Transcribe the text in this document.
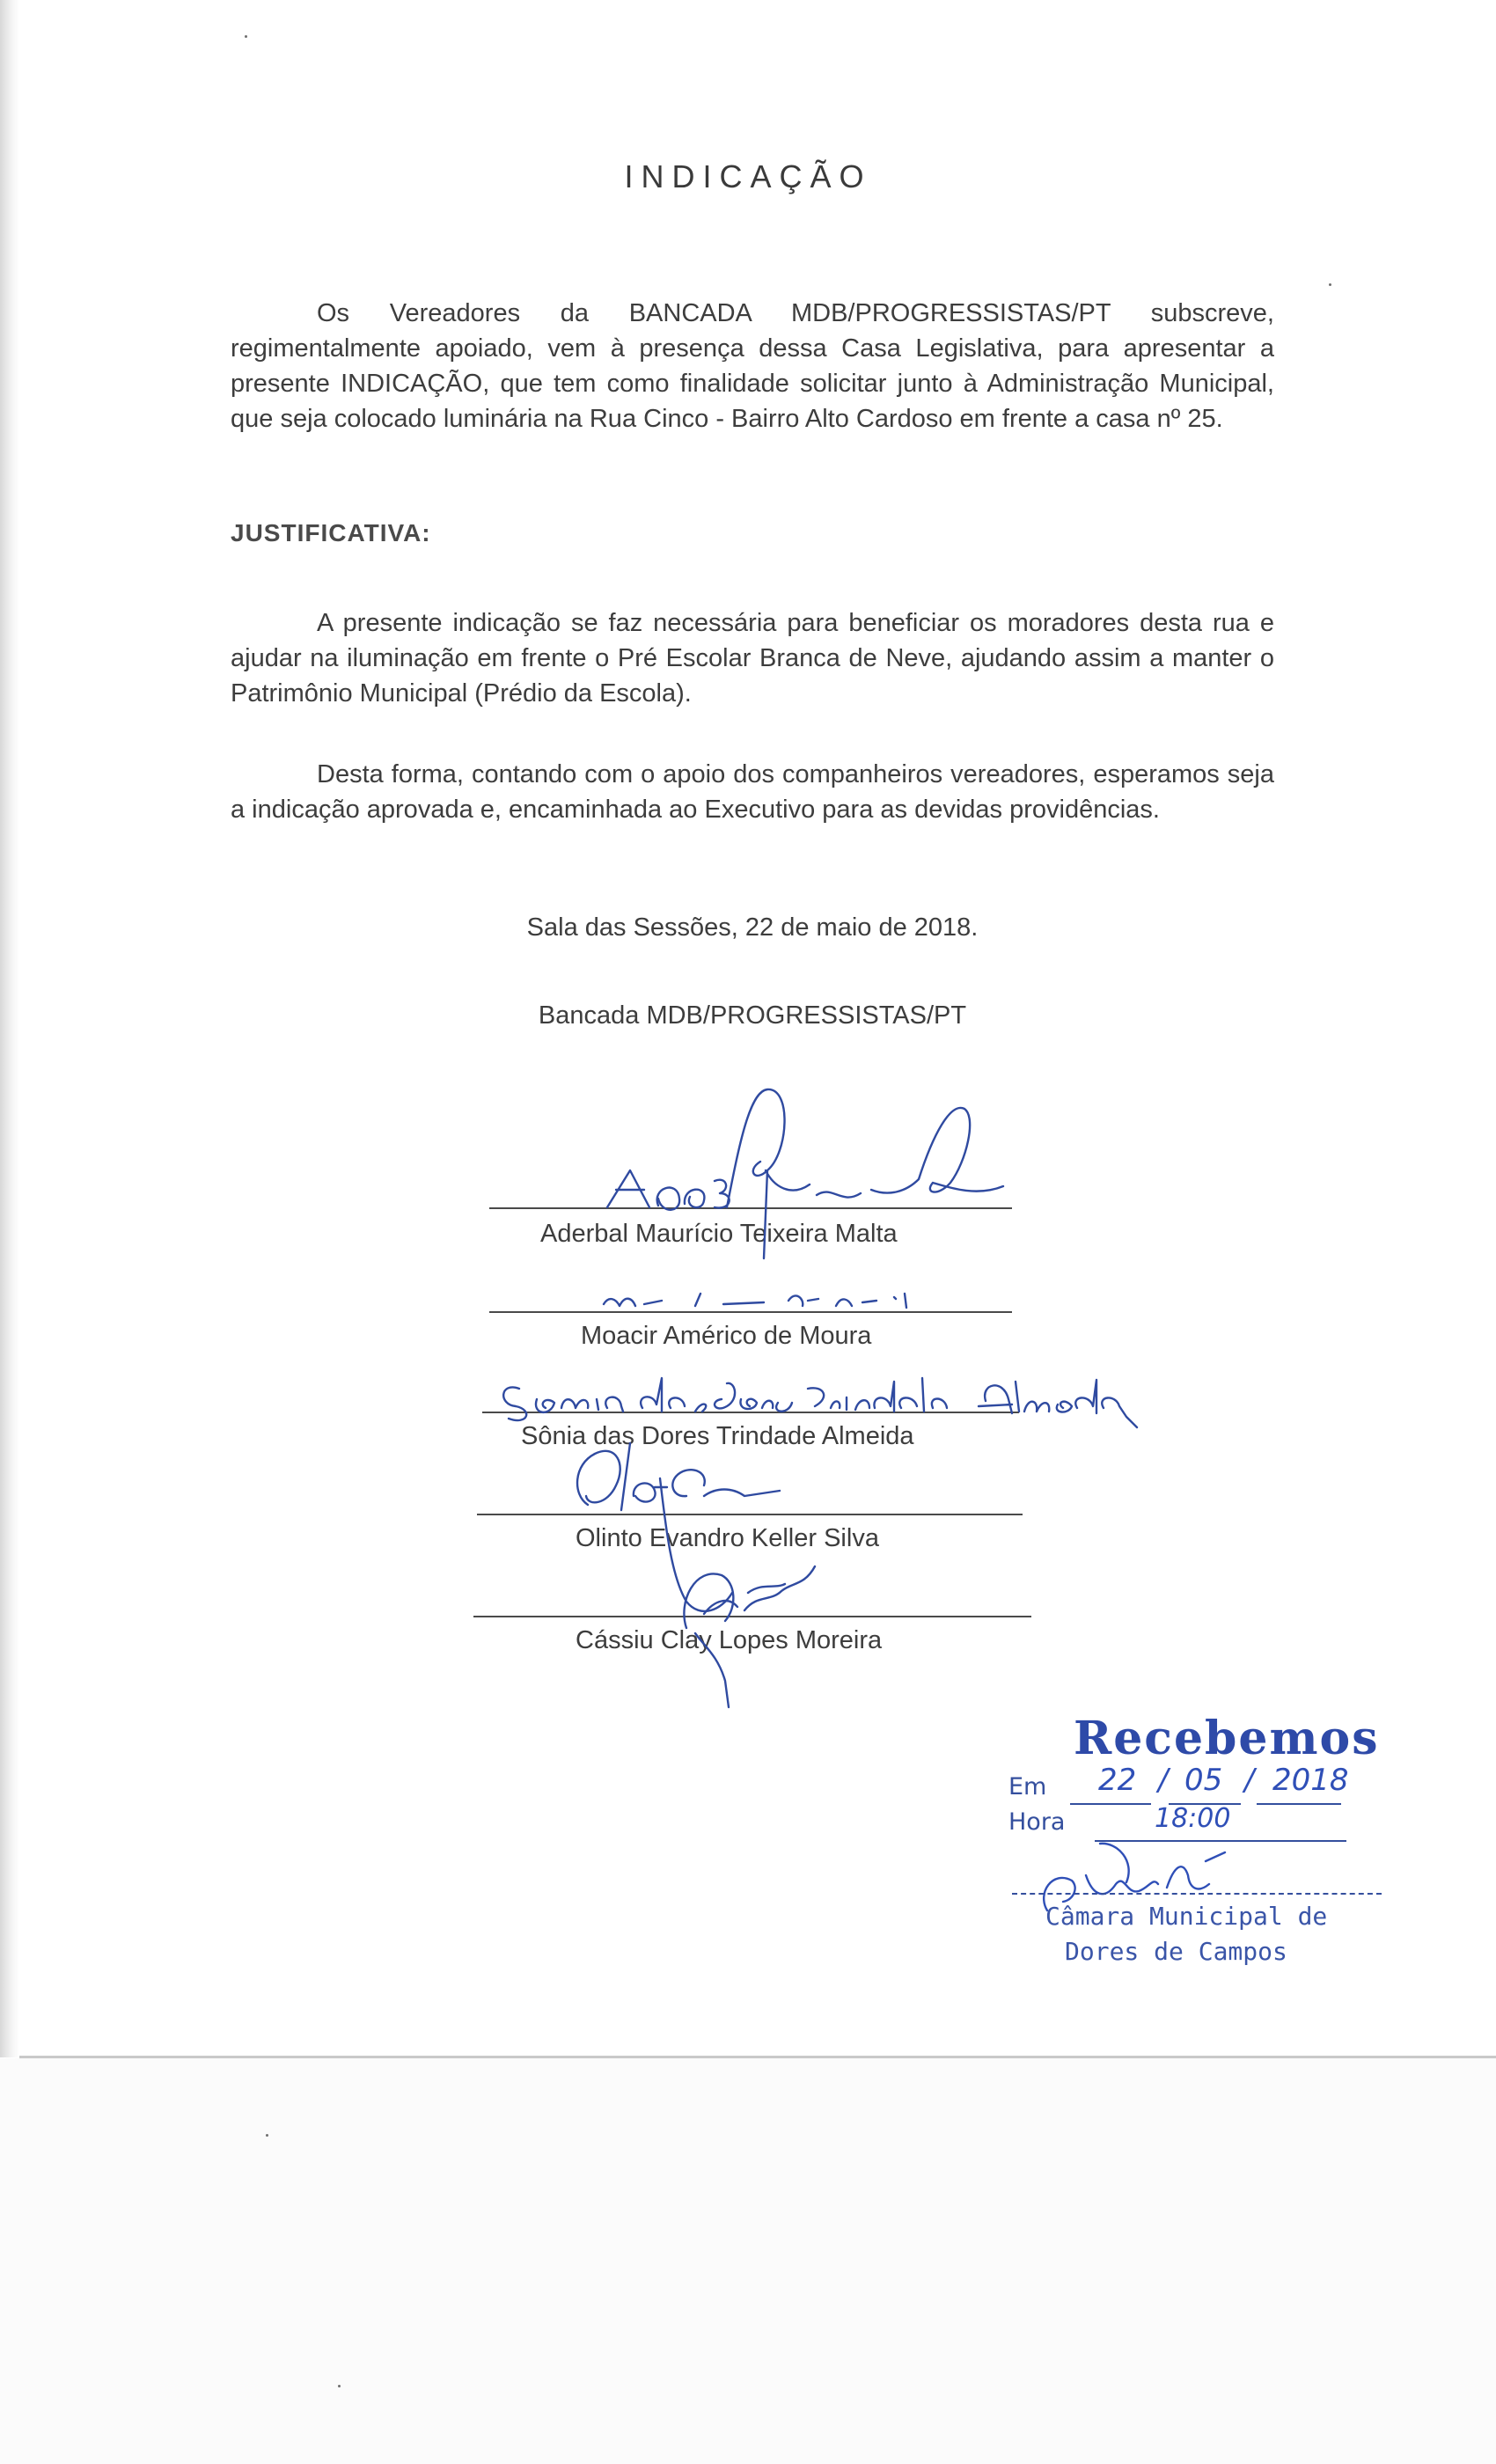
INDICAÇÃO
Os Vereadores da BANCADA MDB/PROGRESSISTAS/PT subscreve, regimentalmente apoiado, vem à presença dessa Casa Legislativa, para apresentar a presente INDICAÇÃO, que tem como finalidade solicitar junto à Administração Municipal, que seja colocado luminária na Rua Cinco - Bairro Alto Cardoso em frente a casa nº 25.
JUSTIFICATIVA:
A presente indicação se faz necessária para beneficiar os moradores desta rua e ajudar na iluminação em frente o Pré Escolar Branca de Neve, ajudando assim a manter o Patrimônio Municipal (Prédio da Escola).
Desta forma, contando com o apoio dos companheiros vereadores, esperamos seja a indicação aprovada e, encaminhada ao Executivo para as devidas providências.
Sala das Sessões, 22 de maio de 2018.
Bancada MDB/PROGRESSISTAS/PT
Aderbal Maurício Teixeira Malta
Moacir Américo de Moura
Sônia das Dores Trindade Almeida
Olinto Evandro Keller Silva
Cássiu Clay Lopes Moreira
Recebemos
Em 22 / 05 / 2018
Hora	18:00
Câmara Municipal de
Dores de Campos
